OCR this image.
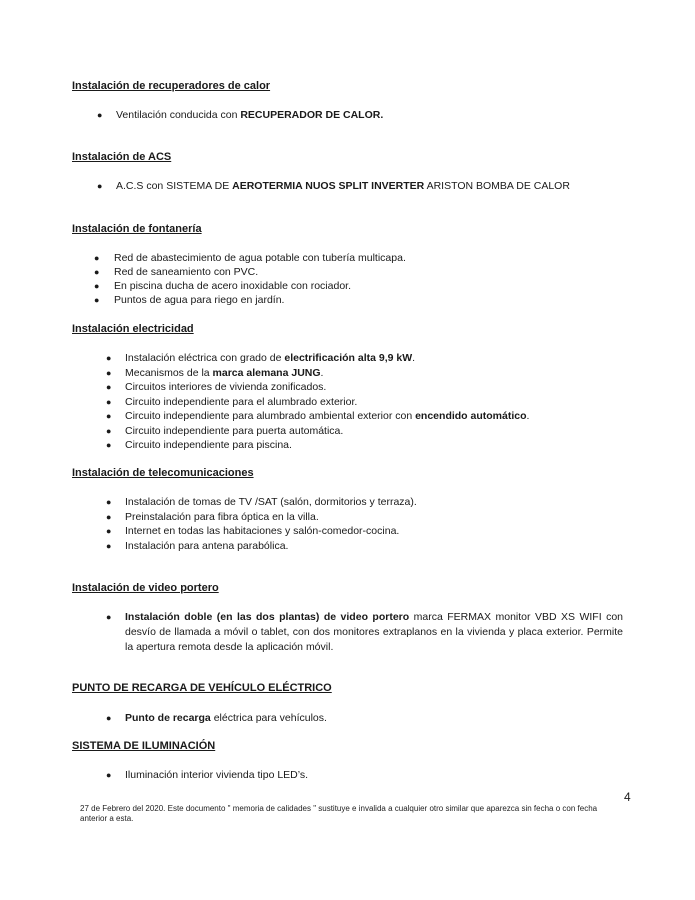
Instalación de recuperadores de calor
● Ventilación conducida con RECUPERADOR DE CALOR.
Instalación de ACS
● A.C.S con SISTEMA DE AEROTERMIA NUOS SPLIT INVERTER ARISTON BOMBA DE CALOR
Instalación de fontanería
● Red de abastecimiento de agua potable con tubería multicapa.
● Red de saneamiento con PVC.
● En piscina ducha de acero inoxidable con rociador.
● Puntos de agua para riego en jardín.
Instalación electricidad
● Instalación eléctrica con grado de electrificación alta 9,9 kW.
● Mecanismos de la marca alemana JUNG.
● Circuitos interiores de vivienda zonificados.
● Circuito independiente para el alumbrado exterior.
● Circuito independiente para alumbrado ambiental exterior con encendido automático.
● Circuito independiente para puerta automática.
● Circuito independiente para piscina.
Instalación de telecomunicaciones
● Instalación de tomas de TV /SAT (salón, dormitorios y terraza).
● Preinstalación para fibra óptica en la villa.
● Internet en todas las habitaciones y salón-comedor-cocina.
● Instalación para antena parabólica.
Instalación de video portero
● Instalación doble (en las dos plantas) de video portero marca FERMAX monitor VBD XS WIFI con desvío de llamada a móvil o tablet, con dos monitores extraplanos en la vivienda y placa exterior. Permite la apertura remota desde la aplicación móvil.
PUNTO DE RECARGA DE VEHÍCULO ELÉCTRICO
● Punto de recarga eléctrica para vehículos.
SISTEMA DE ILUMINACIÓN
● Iluminación interior vivienda tipo LED’s.
4
27 de Febrero del 2020. Este documento " memoria de calidades " sustituye e invalida a cualquier otro similar que aparezca sin fecha o con fecha anterior a esta.
